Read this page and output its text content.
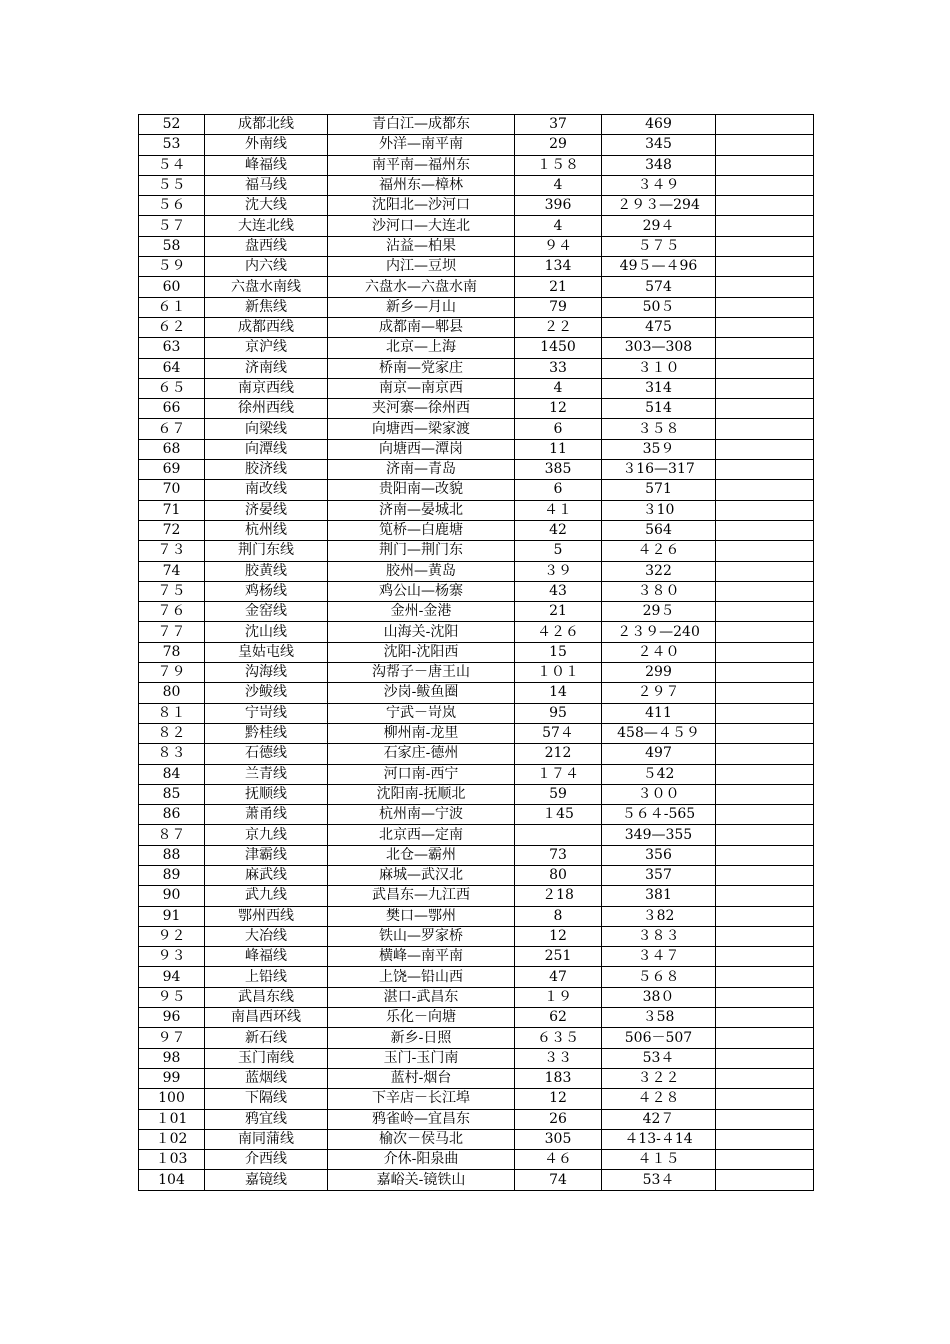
52	成都北线	青白江—成都东	37	469	
53	外南线	外洋—南平南	29	345	
５４	峰福线	南平南—福州东	１５８	348	
５５	福马线	福州东—樟林	4	３４９	
５６	沈大线	沈阳北—沙河口	396	２９３—294	
５７	大连北线	沙河口—大连北	4	29４	
58	盘西线	沾益—柏果	９４	５７５	
５９	内六线	内江—豆坝	134	49５—４96	
60	六盘水南线	六盘水—六盘水南	21	574	
６１	新焦线	新乡—月山	79	50５	
６２	成都西线	成都南—郫县	２２	475	
63	京沪线	北京—上海	1450	303—308	
64	济南线	桥南—党家庄	33	３１０	
６５	南京西线	南京—南京西	4	314	
66	徐州西线	夹河寨—徐州西	12	514	
６７	向梁线	向塘西—梁家渡	6	３５８	
68	向潭线	向塘西—潭岗	11	35９	
69	胶济线	济南—青岛	385	３16—317	
70	南改线	贵阳南—改貌	6	571	
71	济晏线	济南—晏城北	４１	３10	
72	杭州线	笕桥—白鹿塘	42	564	
７３	荆门东线	荆门—荆门东	5	４２６	
74	胶黄线	胶州—黄岛	３９	322	
７５	鸡杨线	鸡公山—杨寨	43	３８０	
７６	金窑线	金州-金港	21	29５	
７７	沈山线	山海关-沈阳	４２６	２３９—240	
78	皇姑屯线	沈阳-沈阳西	15	２４０	
７９	沟海线	沟帮子－唐王山	１０１	299	
80	沙鲅线	沙岗-鲅鱼圈	14	２９７	
８１	宁岢线	宁武－岢岚	95	411	
８２	黔桂线	柳州南-龙里	57４	458—４５９	
８３	石德线	石家庄-德州	212	497	
84	兰青线	河口南-西宁	１７４	５42	
85	抚顺线	沈阳南-抚顺北	59	３００	
86	萧甬线	杭州南—宁波	１45	５６４-565	
８７	京九线	北京西—定南		349—355	
88	津霸线	北仓—霸州	73	356	
89	麻武线	麻城—武汉北	80	357	
90	武九线	武昌东—九江西	２18	381	
91	鄂州西线	樊口—鄂州	8	３82	
９２	大冶线	铁山—罗家桥	12	３８３	
９３	峰福线	横峰—南平南	251	３４７	
94	上铅线	上饶—铅山西	47	５６８	
９５	武昌东线	湛口-武昌东	１９	38０	
96	南昌西环线	乐化－向塘	62	３58	
９７	新石线	新乡-日照	６３５	506－507	
98	玉门南线	玉门-玉门南	３３	53４	
99	蓝烟线	蓝村-烟台	183	３２２	
100	下隔线	下辛店－长江埠	12	４２８	
１01	鸦宜线	鸦雀岭—宜昌东	26	42７	
１02	南同蒲线	榆次－侯马北	305	４13-４14	
１03	介西线	介休-阳泉曲	４６	４１５	
104	嘉镜线	嘉峪关-镜铁山	74	53４	
